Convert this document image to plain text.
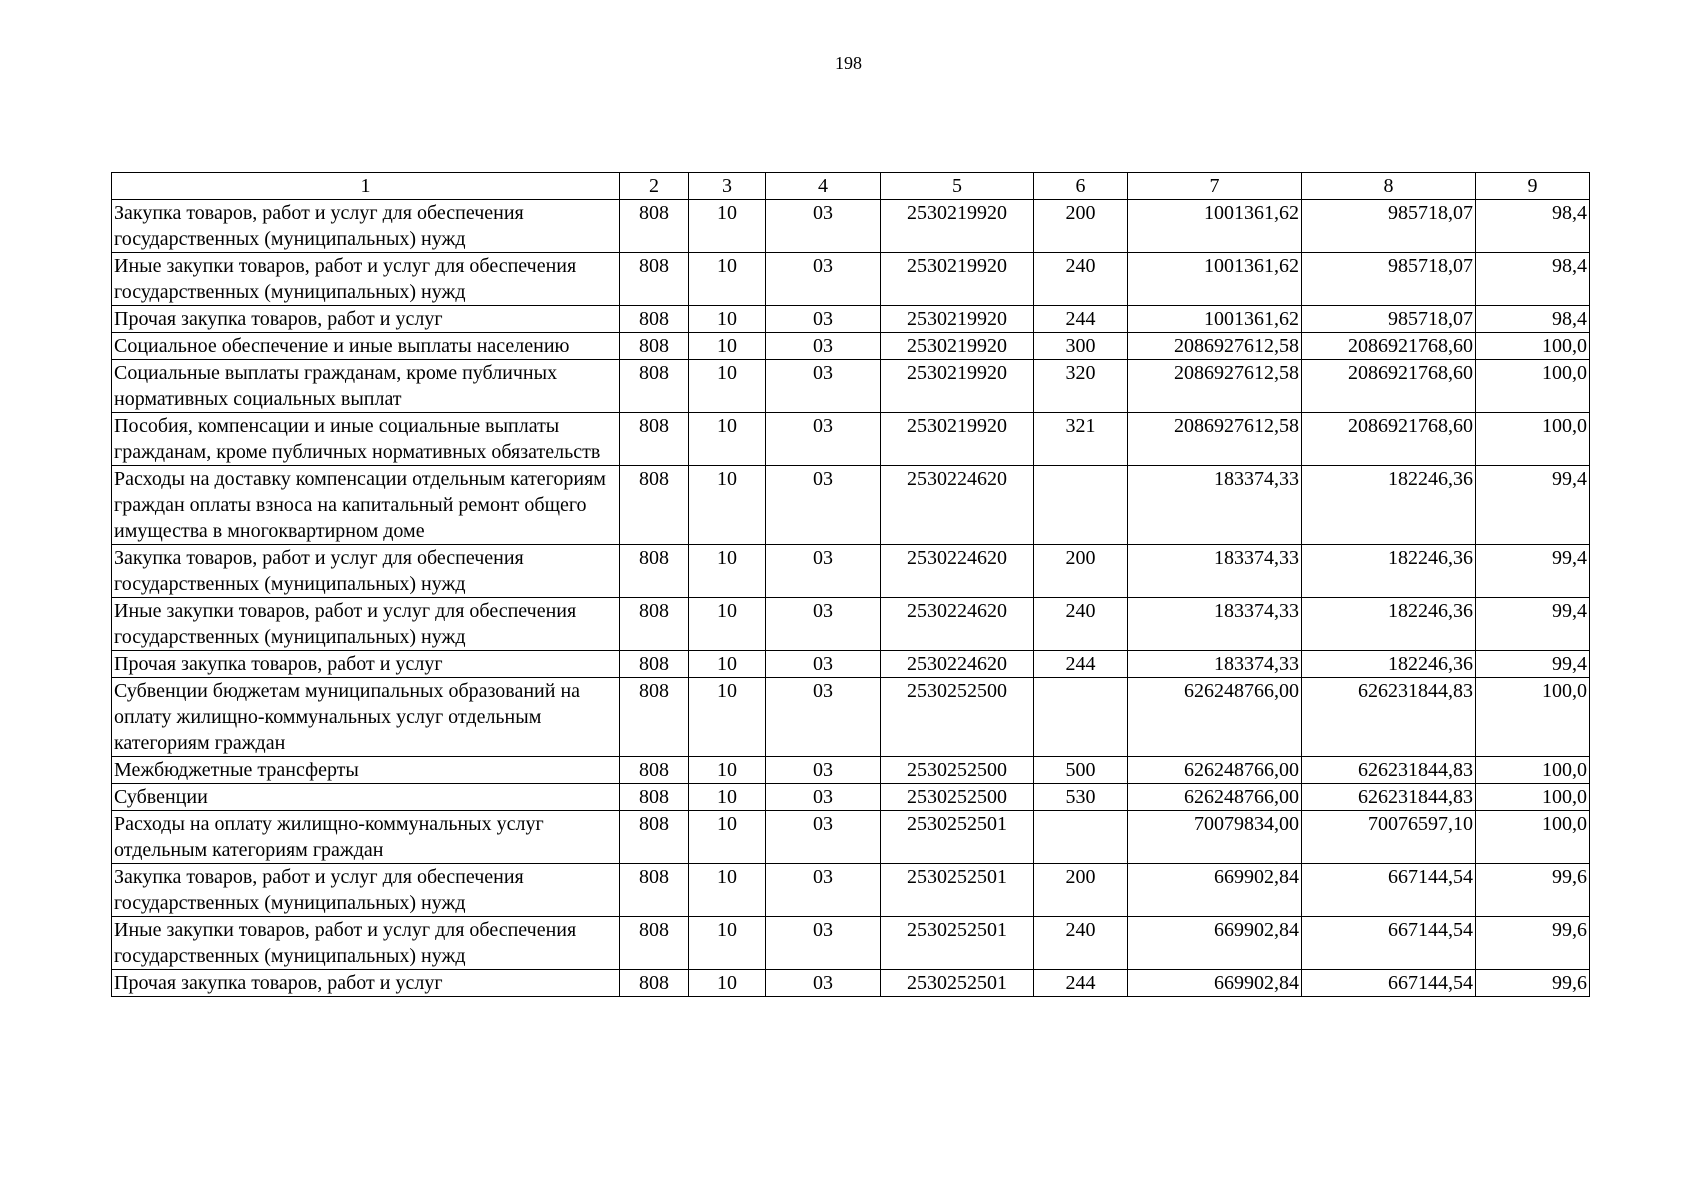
198
1	2	3	4	5	6	7	8	9
Закупка товаров, работ и услуг для обеспечения государственных (муниципальных) нужд	808	10	03	2530219920	200	1001361,62	985718,07	98,4
Иные закупки товаров, работ и услуг для обеспечения государственных (муниципальных) нужд	808	10	03	2530219920	240	1001361,62	985718,07	98,4
Прочая закупка товаров, работ и услуг	808	10	03	2530219920	244	1001361,62	985718,07	98,4
Социальное обеспечение и иные выплаты населению	808	10	03	2530219920	300	2086927612,58	2086921768,60	100,0
Социальные выплаты гражданам, кроме публичных нормативных социальных выплат	808	10	03	2530219920	320	2086927612,58	2086921768,60	100,0
Пособия, компенсации и иные социальные выплаты гражданам, кроме публичных нормативных обязательств	808	10	03	2530219920	321	2086927612,58	2086921768,60	100,0
Расходы на доставку компенсации отдельным категориям граждан оплаты взноса на капитальный ремонт общего имущества в многоквартирном доме	808	10	03	2530224620		183374,33	182246,36	99,4
Закупка товаров, работ и услуг для обеспечения государственных (муниципальных) нужд	808	10	03	2530224620	200	183374,33	182246,36	99,4
Иные закупки товаров, работ и услуг для обеспечения государственных (муниципальных) нужд	808	10	03	2530224620	240	183374,33	182246,36	99,4
Прочая закупка товаров, работ и услуг	808	10	03	2530224620	244	183374,33	182246,36	99,4
Субвенции бюджетам муниципальных образований на оплату жилищно-коммунальных услуг отдельным категориям граждан	808	10	03	2530252500		626248766,00	626231844,83	100,0
Межбюджетные трансферты	808	10	03	2530252500	500	626248766,00	626231844,83	100,0
Субвенции	808	10	03	2530252500	530	626248766,00	626231844,83	100,0
Расходы на оплату жилищно-коммунальных услуг отдельным категориям граждан	808	10	03	2530252501		70079834,00	70076597,10	100,0
Закупка товаров, работ и услуг для обеспечения государственных (муниципальных) нужд	808	10	03	2530252501	200	669902,84	667144,54	99,6
Иные закупки товаров, работ и услуг для обеспечения государственных (муниципальных) нужд	808	10	03	2530252501	240	669902,84	667144,54	99,6
Прочая закупка товаров, работ и услуг	808	10	03	2530252501	244	669902,84	667144,54	99,6
